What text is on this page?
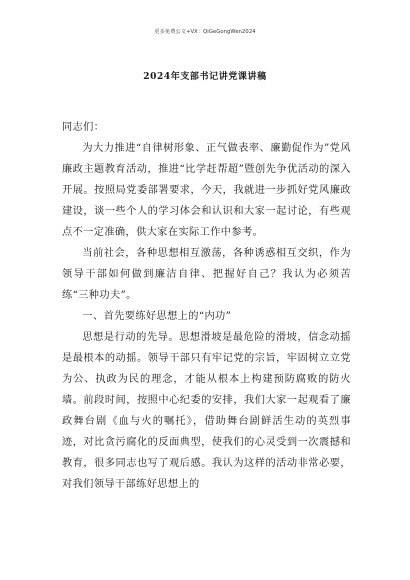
更多免费公文+VX：QiGeGongWen2024
2024年支部书记讲党课讲稿

同志们：

为大力推进“自律树形象、正气做表率、廉勤促作为”党风廉政主题教育活动，推进“比学赶帮超”暨创先争优活动的深入开展。按照局党委部署要求，今天，我就进一步抓好党风廉政建设，谈一些个人的学习体会和认识和大家一起讨论，有些观点不一定准确，供大家在实际工作中参考。

当前社会，各种思想相互激荡，各种诱惑相互交织，作为领导干部如何做到廉洁自律、把握好自己？我认为必须苦练“三种功夫”。

一、首先要练好思想上的“内功”

思想是行动的先导。思想滑坡是最危险的滑坡，信念动摇是最根本的动摇。领导干部只有牢记党的宗旨，牢固树立立党为公、执政为民的理念，才能从根本上构建预防腐败的防火墙。前段时间，按照中心纪委的安排，我们大家一起观看了廉政舞台剧《血与火的嘱托》，借助舞台剧鲜活生动的英烈事迹，对比贪污腐化的反面典型，使我们的心灵受到一次震撼和教育，很多同志也写了观后感。我认为这样的活动非常必要，对我们领导干部练好思想上的
